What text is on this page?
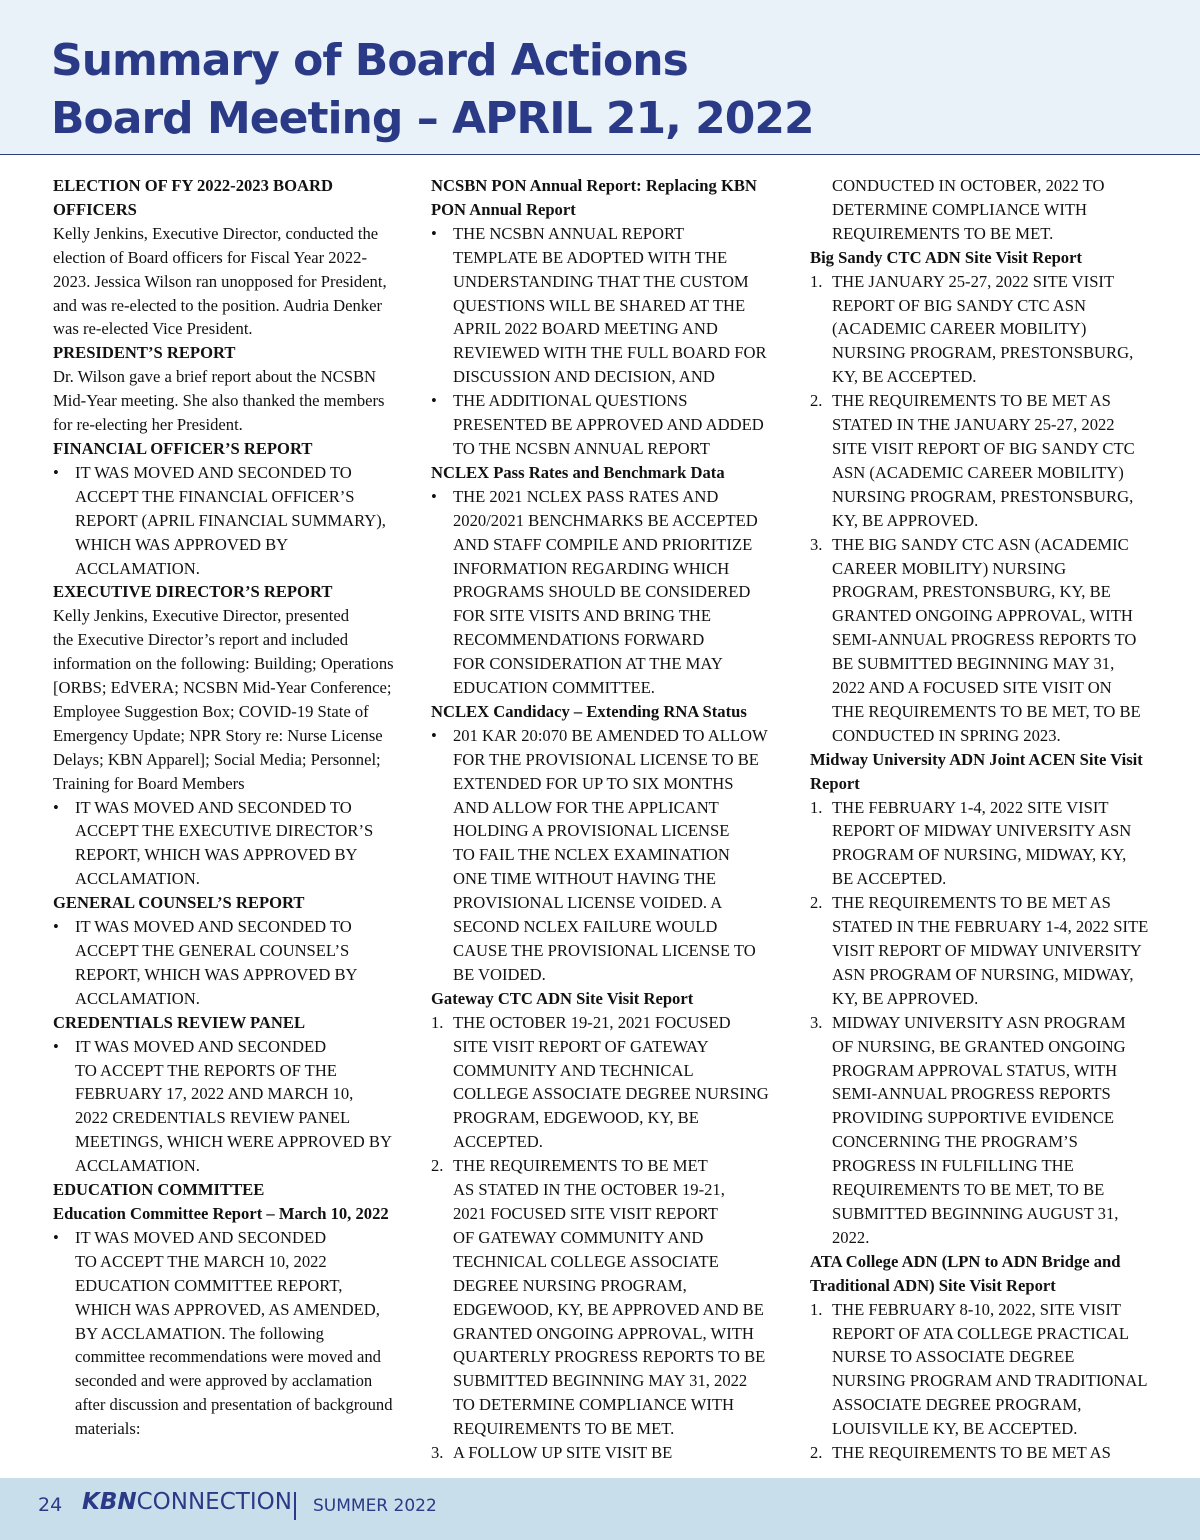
Summary of Board Actions
Board Meeting – APRIL 21, 2022
ELECTION OF FY 2022-2023 BOARD
OFFICERS
Kelly Jenkins, Executive Director, conducted the
election of Board officers for Fiscal Year 2022-
2023. Jessica Wilson ran unopposed for President,
and was re-elected to the position. Audria Denker
was re-elected Vice President.
PRESIDENT’S REPORT
Dr. Wilson gave a brief report about the NCSBN
Mid-Year meeting. She also thanked the members
for re-electing her President.
FINANCIAL OFFICER’S REPORT
• IT WAS MOVED AND SECONDED TO
ACCEPT THE FINANCIAL OFFICER’S
REPORT (APRIL FINANCIAL SUMMARY),
WHICH WAS APPROVED BY
ACCLAMATION.
EXECUTIVE DIRECTOR’S REPORT
Kelly Jenkins, Executive Director, presented
the Executive Director’s report and included
information on the following: Building; Operations
[ORBS; EdVERA; NCSBN Mid-Year Conference;
Employee Suggestion Box; COVID-19 State of
Emergency Update; NPR Story re: Nurse License
Delays; KBN Apparel]; Social Media; Personnel;
Training for Board Members
• IT WAS MOVED AND SECONDED TO
ACCEPT THE EXECUTIVE DIRECTOR’S
REPORT, WHICH WAS APPROVED BY
ACCLAMATION.
GENERAL COUNSEL’S REPORT
• IT WAS MOVED AND SECONDED TO
ACCEPT THE GENERAL COUNSEL’S
REPORT, WHICH WAS APPROVED BY
ACCLAMATION.
CREDENTIALS REVIEW PANEL
• IT WAS MOVED AND SECONDED
TO ACCEPT THE REPORTS OF THE
FEBRUARY 17, 2022 AND MARCH 10,
2022 CREDENTIALS REVIEW PANEL
MEETINGS, WHICH WERE APPROVED BY
ACCLAMATION.
EDUCATION COMMITTEE
Education Committee Report – March 10, 2022
• IT WAS MOVED AND SECONDED
TO ACCEPT THE MARCH 10, 2022
EDUCATION COMMITTEE REPORT,
WHICH WAS APPROVED, AS AMENDED,
BY ACCLAMATION. The following
committee recommendations were moved and
seconded and were approved by acclamation
after discussion and presentation of background
materials:
NCSBN PON Annual Report: Replacing KBN
PON Annual Report
• THE NCSBN ANNUAL REPORT
TEMPLATE BE ADOPTED WITH THE
UNDERSTANDING THAT THE CUSTOM
QUESTIONS WILL BE SHARED AT THE
APRIL 2022 BOARD MEETING AND
REVIEWED WITH THE FULL BOARD FOR
DISCUSSION AND DECISION, AND
• THE ADDITIONAL QUESTIONS
PRESENTED BE APPROVED AND ADDED
TO THE NCSBN ANNUAL REPORT
NCLEX Pass Rates and Benchmark Data
• THE 2021 NCLEX PASS RATES AND
2020/2021 BENCHMARKS BE ACCEPTED
AND STAFF COMPILE AND PRIORITIZE
INFORMATION REGARDING WHICH
PROGRAMS SHOULD BE CONSIDERED
FOR SITE VISITS AND BRING THE
RECOMMENDATIONS FORWARD
FOR CONSIDERATION AT THE MAY
EDUCATION COMMITTEE.
NCLEX Candidacy – Extending RNA Status
• 201 KAR 20:070 BE AMENDED TO ALLOW
FOR THE PROVISIONAL LICENSE TO BE
EXTENDED FOR UP TO SIX MONTHS
AND ALLOW FOR THE APPLICANT
HOLDING A PROVISIONAL LICENSE
TO FAIL THE NCLEX EXAMINATION
ONE TIME WITHOUT HAVING THE
PROVISIONAL LICENSE VOIDED. A
SECOND NCLEX FAILURE WOULD
CAUSE THE PROVISIONAL LICENSE TO
BE VOIDED.
Gateway CTC ADN Site Visit Report
1. THE OCTOBER 19-21, 2021 FOCUSED
SITE VISIT REPORT OF GATEWAY
COMMUNITY AND TECHNICAL
COLLEGE ASSOCIATE DEGREE NURSING
PROGRAM, EDGEWOOD, KY, BE
ACCEPTED.
2. THE REQUIREMENTS TO BE MET
AS STATED IN THE OCTOBER 19-21,
2021 FOCUSED SITE VISIT REPORT
OF GATEWAY COMMUNITY AND
TECHNICAL COLLEGE ASSOCIATE
DEGREE NURSING PROGRAM,
EDGEWOOD, KY, BE APPROVED AND BE
GRANTED ONGOING APPROVAL, WITH
QUARTERLY PROGRESS REPORTS TO BE
SUBMITTED BEGINNING MAY 31, 2022
TO DETERMINE COMPLIANCE WITH
REQUIREMENTS TO BE MET.
3. A FOLLOW UP SITE VISIT BE
CONDUCTED IN OCTOBER, 2022 TO
DETERMINE COMPLIANCE WITH
REQUIREMENTS TO BE MET.
Big Sandy CTC ADN Site Visit Report
1. THE JANUARY 25-27, 2022 SITE VISIT
REPORT OF BIG SANDY CTC ASN
(ACADEMIC CAREER MOBILITY)
NURSING PROGRAM, PRESTONSBURG,
KY, BE ACCEPTED.
2. THE REQUIREMENTS TO BE MET AS
STATED IN THE JANUARY 25-27, 2022
SITE VISIT REPORT OF BIG SANDY CTC
ASN (ACADEMIC CAREER MOBILITY)
NURSING PROGRAM, PRESTONSBURG,
KY, BE APPROVED.
3. THE BIG SANDY CTC ASN (ACADEMIC
CAREER MOBILITY) NURSING
PROGRAM, PRESTONSBURG, KY, BE
GRANTED ONGOING APPROVAL, WITH
SEMI-ANNUAL PROGRESS REPORTS TO
BE SUBMITTED BEGINNING MAY 31,
2022 AND A FOCUSED SITE VISIT ON
THE REQUIREMENTS TO BE MET, TO BE
CONDUCTED IN SPRING 2023.
Midway University ADN Joint ACEN Site Visit
Report
1. THE FEBRUARY 1-4, 2022 SITE VISIT
REPORT OF MIDWAY UNIVERSITY ASN
PROGRAM OF NURSING, MIDWAY, KY,
BE ACCEPTED.
2. THE REQUIREMENTS TO BE MET AS
STATED IN THE FEBRUARY 1-4, 2022 SITE
VISIT REPORT OF MIDWAY UNIVERSITY
ASN PROGRAM OF NURSING, MIDWAY,
KY, BE APPROVED.
3. MIDWAY UNIVERSITY ASN PROGRAM
OF NURSING, BE GRANTED ONGOING
PROGRAM APPROVAL STATUS, WITH
SEMI-ANNUAL PROGRESS REPORTS
PROVIDING SUPPORTIVE EVIDENCE
CONCERNING THE PROGRAM’S
PROGRESS IN FULFILLING THE
REQUIREMENTS TO BE MET, TO BE
SUBMITTED BEGINNING AUGUST 31,
2022.
ATA College ADN (LPN to ADN Bridge and
Traditional ADN) Site Visit Report
1. THE FEBRUARY 8-10, 2022, SITE VISIT
REPORT OF ATA COLLEGE PRACTICAL
NURSE TO ASSOCIATE DEGREE
NURSING PROGRAM AND TRADITIONAL
ASSOCIATE DEGREE PROGRAM,
LOUISVILLE KY, BE ACCEPTED.
2. THE REQUIREMENTS TO BE MET AS
24 KBNCONNECTION SUMMER 2022
